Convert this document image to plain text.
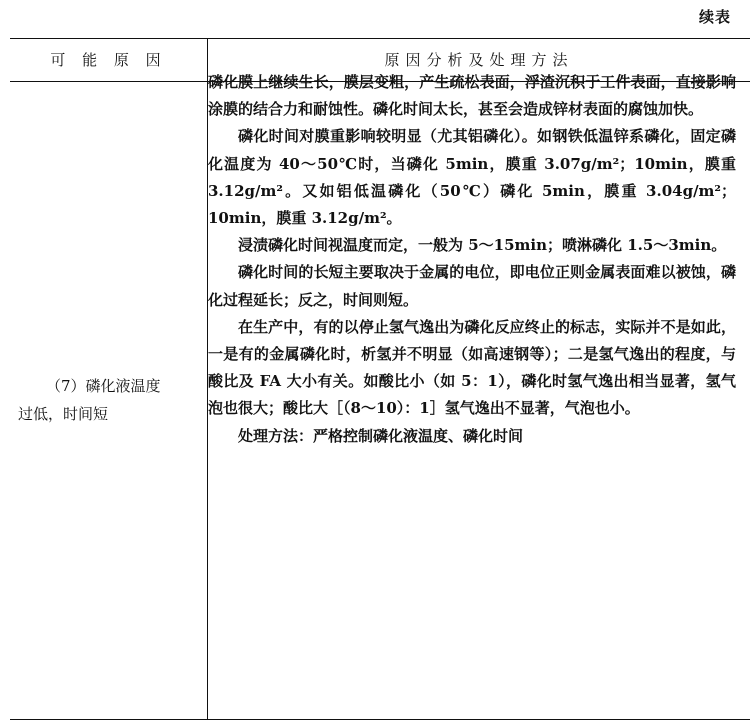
续表
可 能 原 因	原因分析及处理方法
（7）磷化液温度
过低，时间短

磷化膜上继续生长，膜层变粗，产生疏松表面，浮渣沉积于工件表面，直接影响涂膜的结合力和耐蚀性。磷化时间太长，甚至会造成锌材表面的腐蚀加快。

磷化时间对膜重影响较明显（尤其铝磷化）。如钢铁低温锌系磷化，固定磷化温度为 40～50℃时，当磷化 5min，膜重 3.07g/m²；10min，膜重 3.12g/m²。又如铝低温磷化（50℃）磷化 5min，膜重 3.04g/m²；10min，膜重 3.12g/m²。

浸渍磷化时间视温度而定，一般为 5～15min；喷淋磷化 1.5～3min。

磷化时间的长短主要取决于金属的电位，即电位正则金属表面难以被蚀，磷化过程延长；反之，时间则短。

在生产中，有的以停止氢气逸出为磷化反应终止的标志，实际并不是如此，一是有的金属磷化时，析氢并不明显（如高速钢等）；二是氢气逸出的程度，与酸比及 FA 大小有关。如酸比小（如 5：1），磷化时氢气逸出相当显著，氢气泡也很大；酸比大［（8～10）：1］氢气逸出不显著，气泡也小。

处理方法：严格控制磷化液温度、磷化时间
